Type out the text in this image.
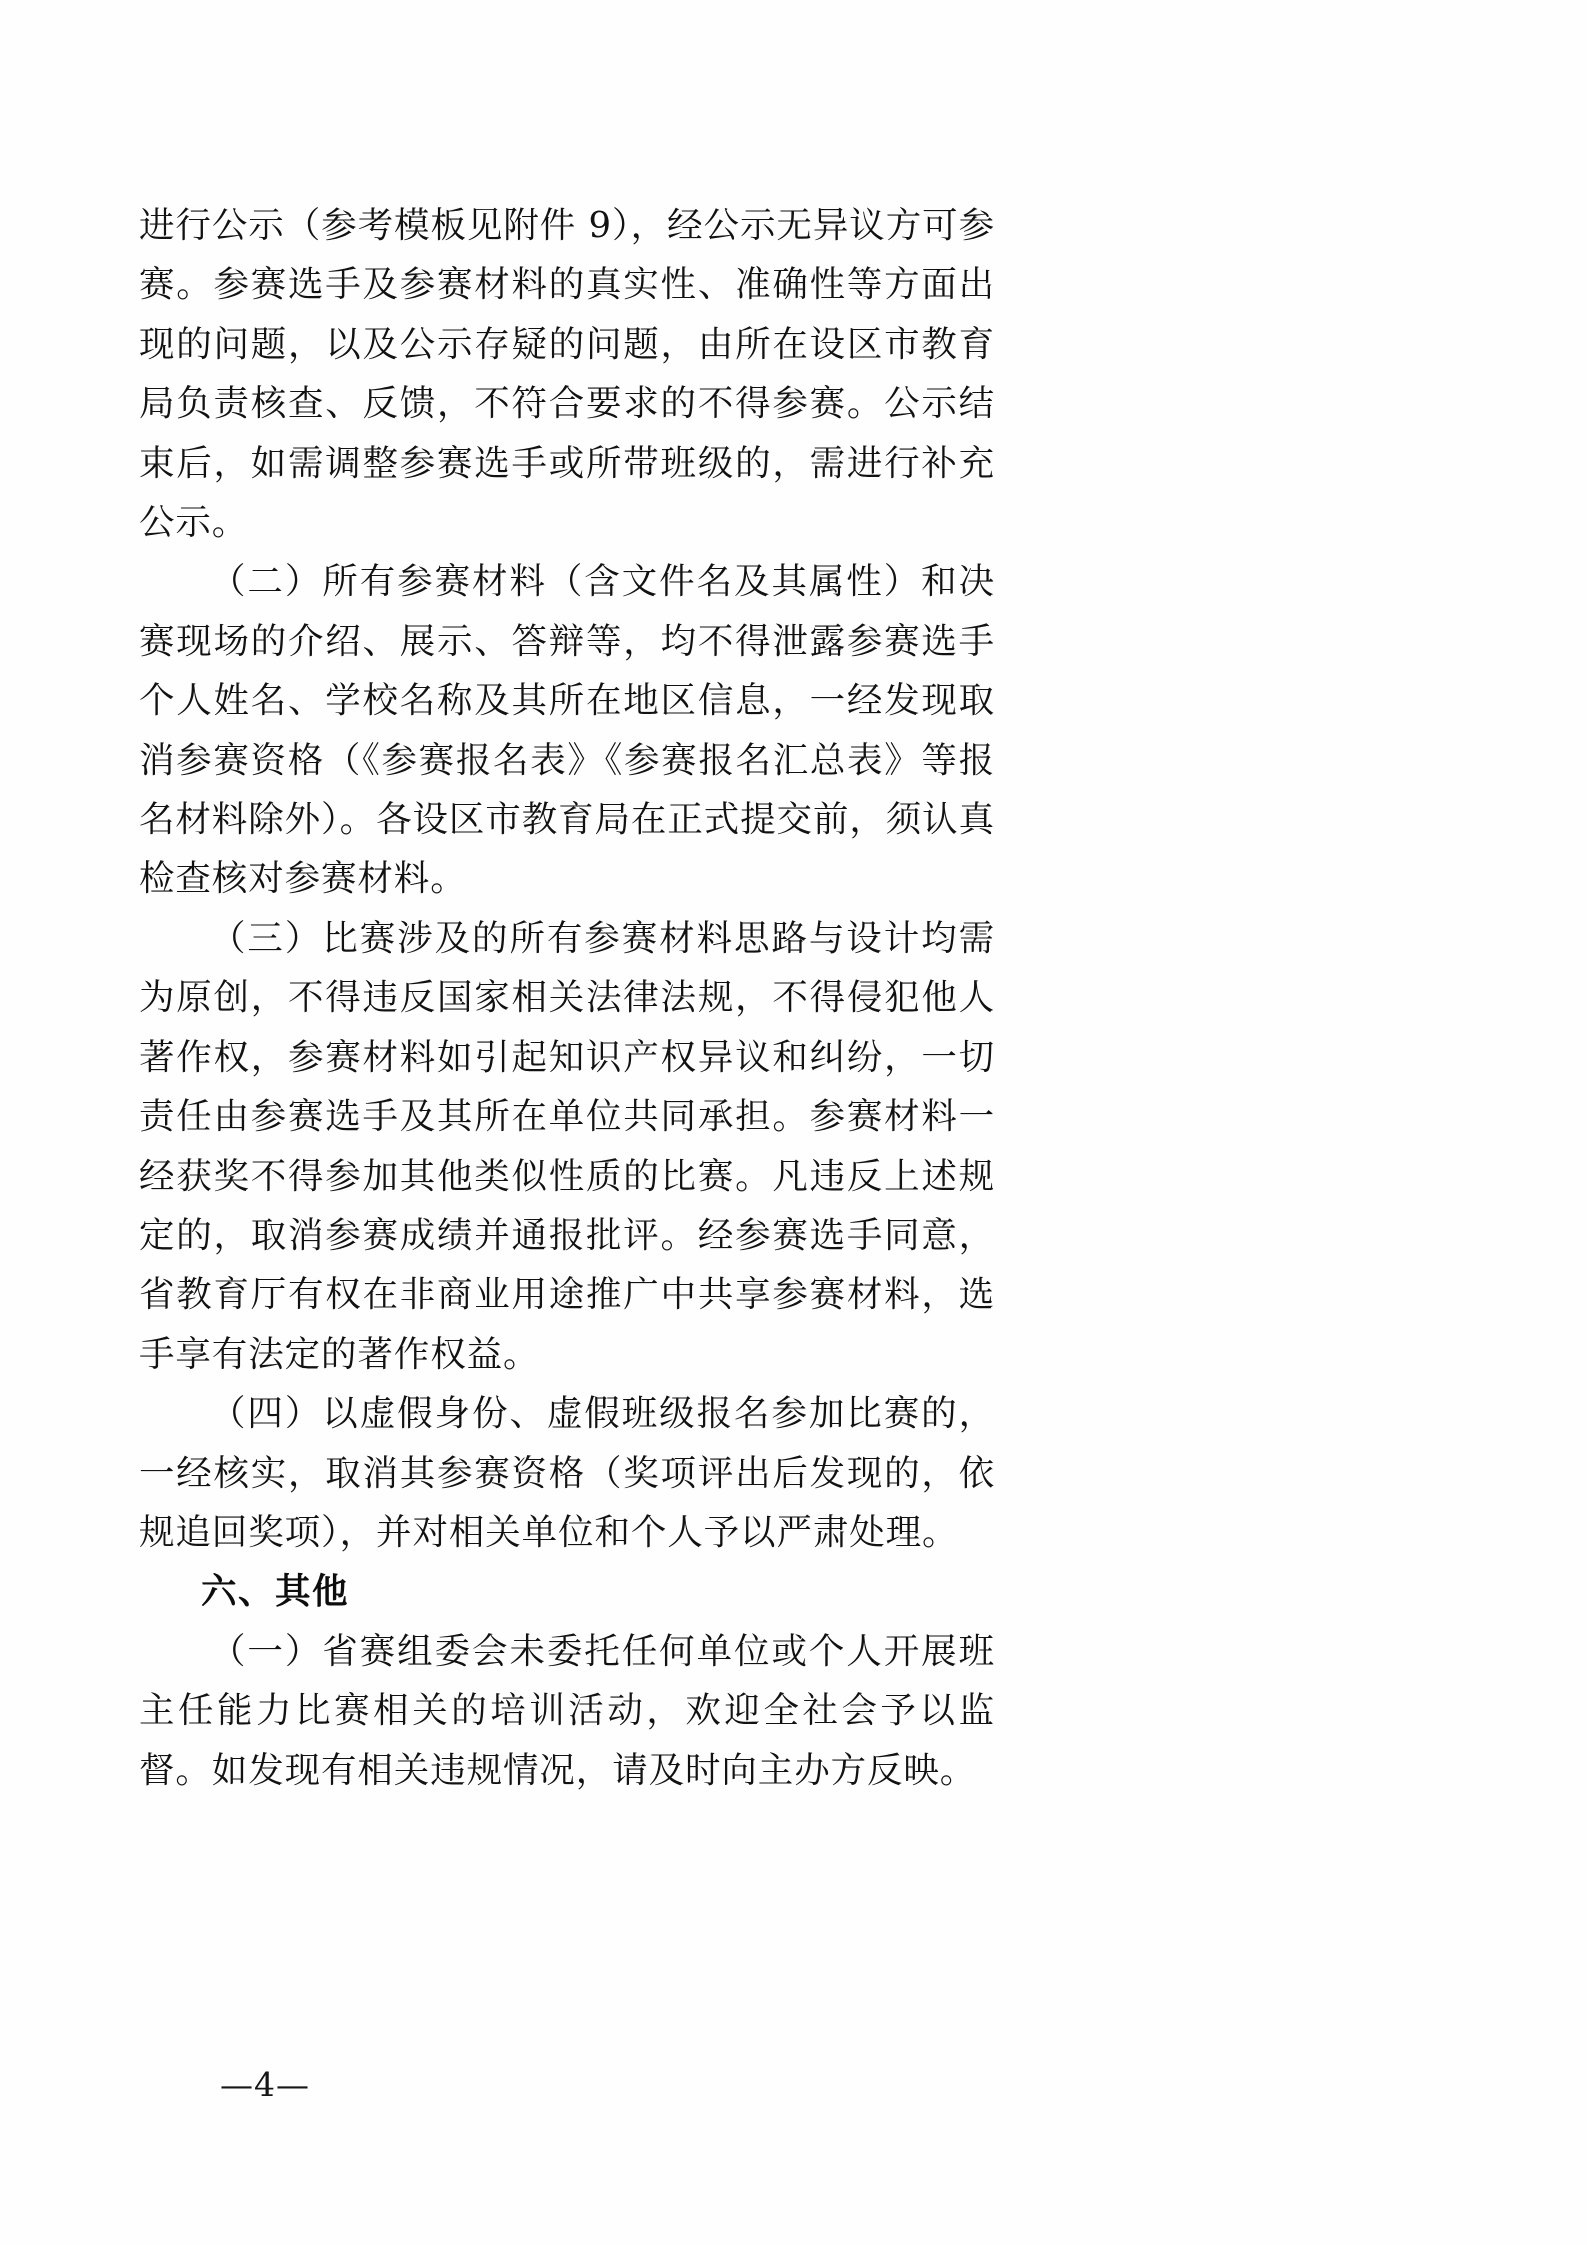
进行公示（参考模板见附件 9），经公示无异议方可参赛。参赛选手及参赛材料的真实性、准确性等方面出现的问题，以及公示存疑的问题，由所在设区市教育局负责核查、反馈，不符合要求的不得参赛。公示结束后，如需调整参赛选手或所带班级的，需进行补充公示。

（二）所有参赛材料（含文件名及其属性）和决赛现场的介绍、展示、答辩等，均不得泄露参赛选手个人姓名、学校名称及其所在地区信息，一经发现取消参赛资格（《参赛报名表》《参赛报名汇总表》等报名材料除外）。各设区市教育局在正式提交前，须认真检查核对参赛材料。

（三）比赛涉及的所有参赛材料思路与设计均需为原创，不得违反国家相关法律法规，不得侵犯他人著作权，参赛材料如引起知识产权异议和纠纷，一切责任由参赛选手及其所在单位共同承担。参赛材料一经获奖不得参加其他类似性质的比赛。凡违反上述规定的，取消参赛成绩并通报批评。经参赛选手同意，省教育厅有权在非商业用途推广中共享参赛材料，选手享有法定的著作权益。

（四）以虚假身份、虚假班级报名参加比赛的，一经核实，取消其参赛资格（奖项评出后发现的，依规追回奖项），并对相关单位和个人予以严肃处理。

六、其他

（一）省赛组委会未委托任何单位或个人开展班主任能力比赛相关的培训活动，欢迎全社会予以监督。如发现有相关违规情况，请及时向主办方反映。

—4—
